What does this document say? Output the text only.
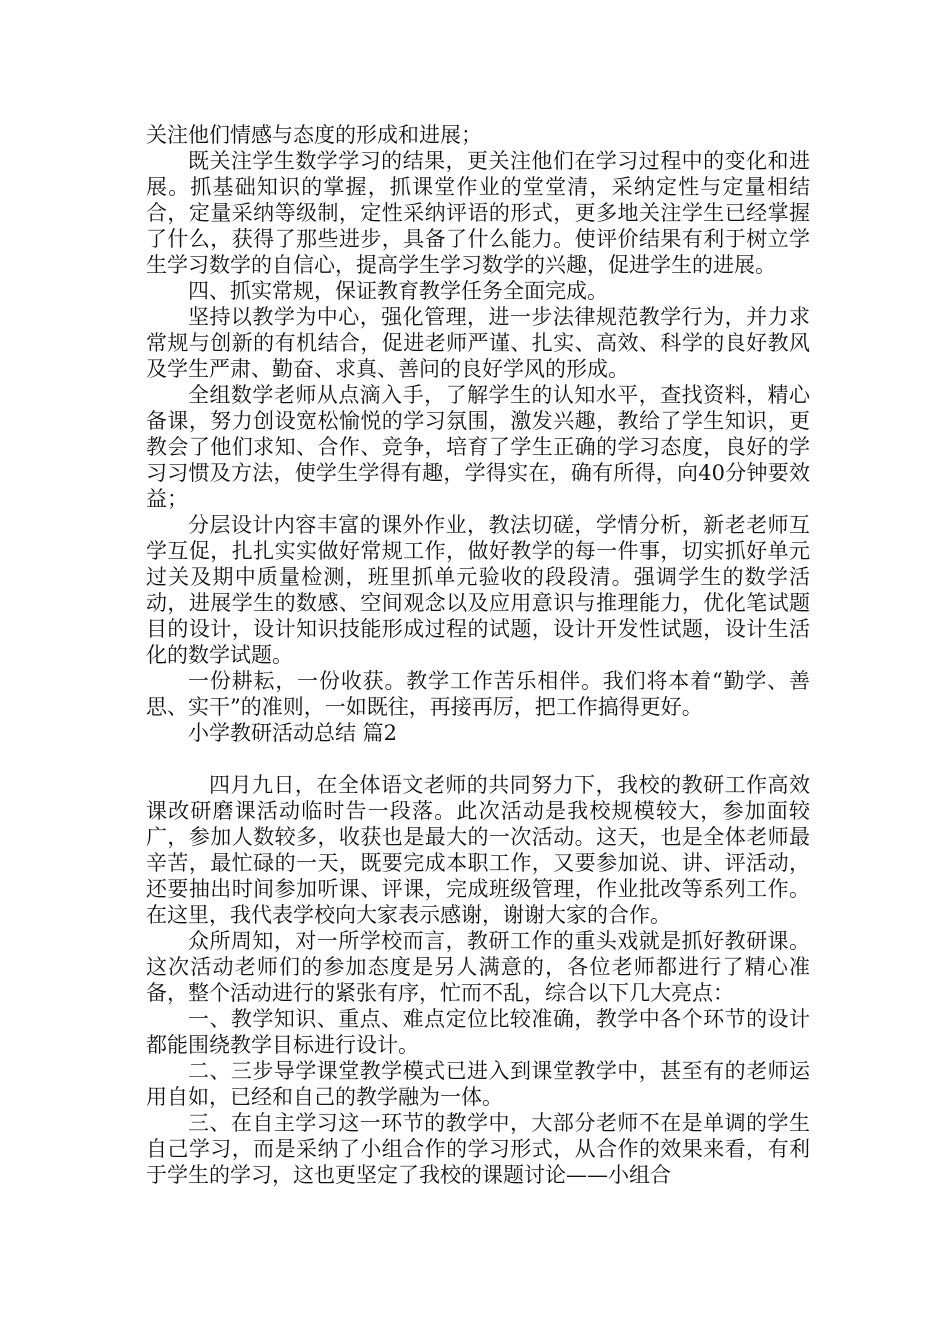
关注他们情感与态度的形成和进展；

既关注学生数学学习的结果，更关注他们在学习过程中的变化和进展。抓基础知识的掌握，抓课堂作业的堂堂清，采纳定性与定量相结合，定量采纳等级制，定性采纳评语的形式，更多地关注学生已经掌握了什么，获得了那些进步，具备了什么能力。使评价结果有利于树立学生学习数学的自信心，提高学生学习数学的兴趣，促进学生的进展。

四、抓实常规，保证教育教学任务全面完成。

坚持以教学为中心，强化管理，进一步法律规范教学行为，并力求常规与创新的有机结合，促进老师严谨、扎实、高效、科学的良好教风及学生严肃、勤奋、求真、善问的良好学风的形成。

全组数学老师从点滴入手，了解学生的认知水平，查找资料，精心备课，努力创设宽松愉悦的学习氛围，激发兴趣，教给了学生知识，更教会了他们求知、合作、竞争，培育了学生正确的学习态度，良好的学习习惯及方法，使学生学得有趣，学得实在，确有所得，向40分钟要效益；

分层设计内容丰富的课外作业，教法切磋，学情分析，新老老师互学互促，扎扎实实做好常规工作，做好教学的每一件事，切实抓好单元过关及期中质量检测，班里抓单元验收的段段清。强调学生的数学活动，进展学生的数感、空间观念以及应用意识与推理能力，优化笔试题目的设计，设计知识技能形成过程的试题，设计开发性试题，设计生活化的数学试题。

一份耕耘，一份收获。教学工作苦乐相伴。我们将本着“勤学、善思、实干”的准则，一如既往，再接再厉，把工作搞得更好。

小学教研活动总结 篇2

四月九日，在全体语文老师的共同努力下，我校的教研工作高效课改研磨课活动临时告一段落。此次活动是我校规模较大，参加面较广，参加人数较多，收获也是最大的一次活动。这天，也是全体老师最辛苦，最忙碌的一天，既要完成本职工作，又要参加说、讲、评活动，还要抽出时间参加听课、评课，完成班级管理，作业批改等系列工作。在这里，我代表学校向大家表示感谢，谢谢大家的合作。

众所周知，对一所学校而言，教研工作的重头戏就是抓好教研课。这次活动老师们的参加态度是另人满意的，各位老师都进行了精心准备，整个活动进行的紧张有序，忙而不乱，综合以下几大亮点：

一、教学知识、重点、难点定位比较准确，教学中各个环节的设计都能围绕教学目标进行设计。

二、三步导学课堂教学模式已进入到课堂教学中，甚至有的老师运用自如，已经和自己的教学融为一体。

三、在自主学习这一环节的教学中，大部分老师不在是单调的学生自己学习，而是采纳了小组合作的学习形式，从合作的效果来看，有利于学生的学习，这也更坚定了我校的课题讨论——小组合
